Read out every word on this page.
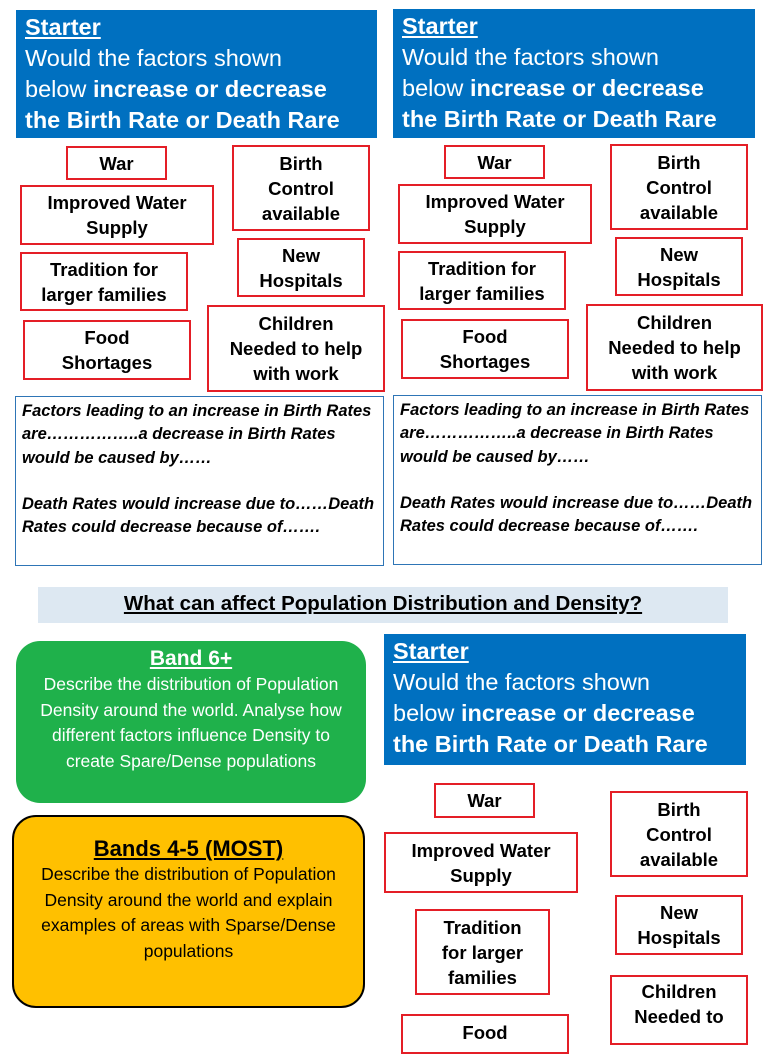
Starter
Would the factors shown
below increase or decrease
the Birth Rate or Death Rare
War
Improved Water
Supply
Tradition for
larger families
Food
Shortages
Birth
Control
available
New
Hospitals
Children
Needed to help
with work

Factors leading to an increase in Birth Rates are……………..a decrease in Birth Rates would be caused by……

Death Rates would increase due to……Death Rates could decrease because of…….

Starter
Would the factors shown
below increase or decrease
the Birth Rate or Death Rare
War
Improved Water
Supply
Tradition for
larger families
Food
Shortages
Birth
Control
available
New
Hospitals
Children
Needed to help
with work

Factors leading to an increase in Birth Rates are……………..a decrease in Birth Rates would be caused by……

Death Rates would increase due to……Death Rates could decrease because of…….

What can affect Population Distribution and Density?
Band 6+
Describe the distribution of Population Density around the world. Analyse how different factors influence Density to create Spare/Dense populations
Bands 4-5 (MOST)
Describe the distribution of Population Density around the world and explain examples of areas with Sparse/Dense populations
Starter
Would the factors shown
below increase or decrease
the Birth Rate or Death Rare
War
Improved Water
Supply
Tradition
for larger
families
Food
Birth
Control
available
New
Hospitals
Children
Needed to
